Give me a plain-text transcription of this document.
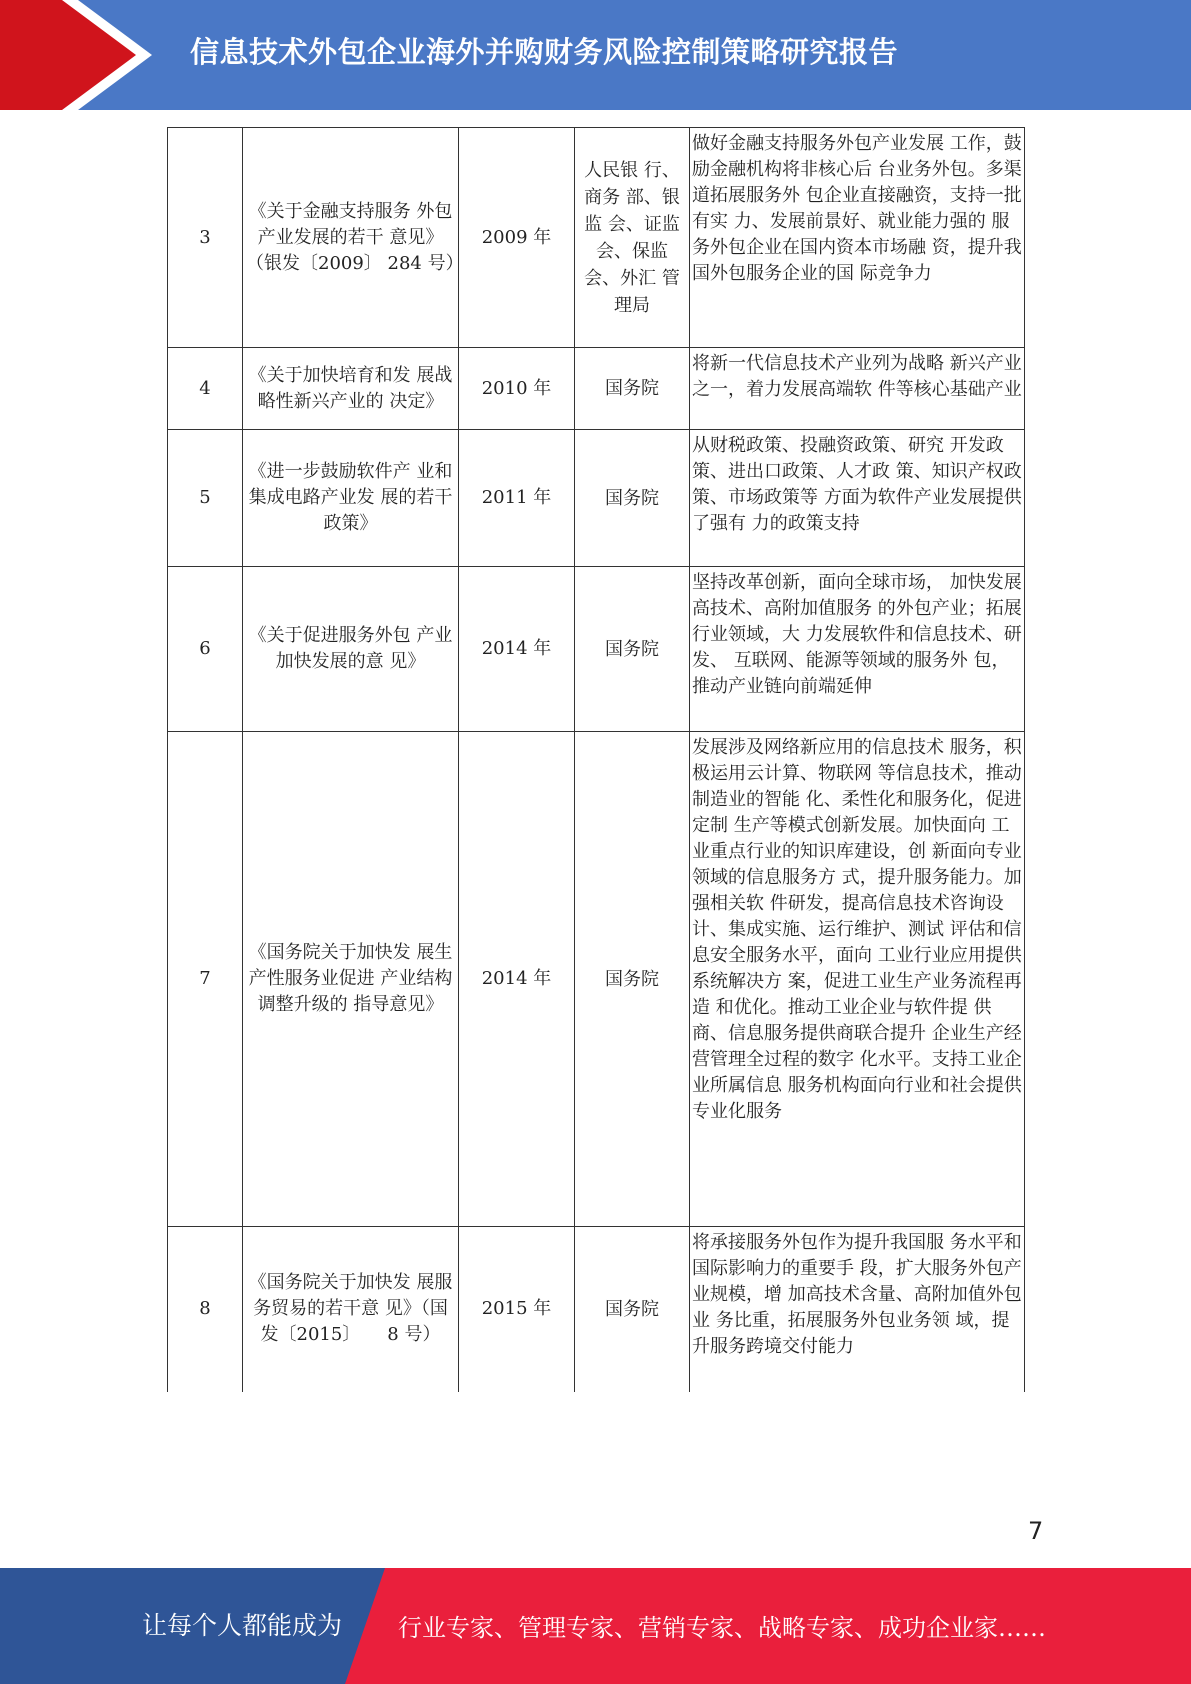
信息技术外包企业海外并购财务风险控制策略研究报告
3	《关于金融支持服务 外包产业发展的若干 意见》（银发〔2009〕 284 号）	2009 年	人民银 行、商务 部、银监 会、证监 会、保监 会、外汇 管理局	做好金融支持服务外包产业发展 工作，鼓励金融机构将非核心后 台业务外包。多渠道拓展服务外 包企业直接融资，支持一批有实 力、发展前景好、就业能力强的 服务外包企业在国内资本市场融 资，提升我国外包服务企业的国 际竞争力
4	《关于加快培育和发 展战略性新兴产业的 决定》	2010 年	国务院	将新一代信息技术产业列为战略 新兴产业之一，着力发展高端软 件等核心基础产业
5	《进一步鼓励软件产 业和集成电路产业发 展的若干政策》	2011 年	国务院	从财税政策、投融资政策、研究 开发政策、进出口政策、人才政 策、知识产权政策、市场政策等 方面为软件产业发展提供了强有 力的政策支持
6	《关于促进服务外包 产业加快发展的意 见》	2014 年	国务院	坚持改革创新，面向全球市场， 加快发展高技术、高附加值服务 的外包产业；拓展行业领域，大 力发展软件和信息技术、研发、 互联网、能源等领域的服务外 包，推动产业链向前端延伸
7	《国务院关于加快发 展生产性服务业促进 产业结构调整升级的 指导意见》	2014 年	国务院	发展涉及网络新应用的信息技术 服务，积极运用云计算、物联网 等信息技术，推动制造业的智能 化、柔性化和服务化，促进定制 生产等模式创新发展。加快面向 工业重点行业的知识库建设，创 新面向专业领域的信息服务方 式，提升服务能力。加强相关软 件研发，提高信息技术咨询设 计、集成实施、运行维护、测试 评估和信息安全服务水平，面向 工业行业应用提供系统解决方 案，促进工业生产业务流程再造 和优化。推动工业企业与软件提 供商、信息服务提供商联合提升 企业生产经营管理全过程的数字 化水平。支持工业企业所属信息 服务机构面向行业和社会提供专业化服务
8	《国务院关于加快发 展服务贸易的若干意 见》（国发〔2015〕　　8 号）	2015 年	国务院	将承接服务外包作为提升我国服 务水平和国际影响力的重要手 段，扩大服务外包产业规模，增 加高技术含量、高附加值外包业 务比重，拓展服务外包业务领 域，提升服务跨境交付能力
7
让每个人都能成为 行业专家、管理专家、营销专家、战略专家、成功企业家……
